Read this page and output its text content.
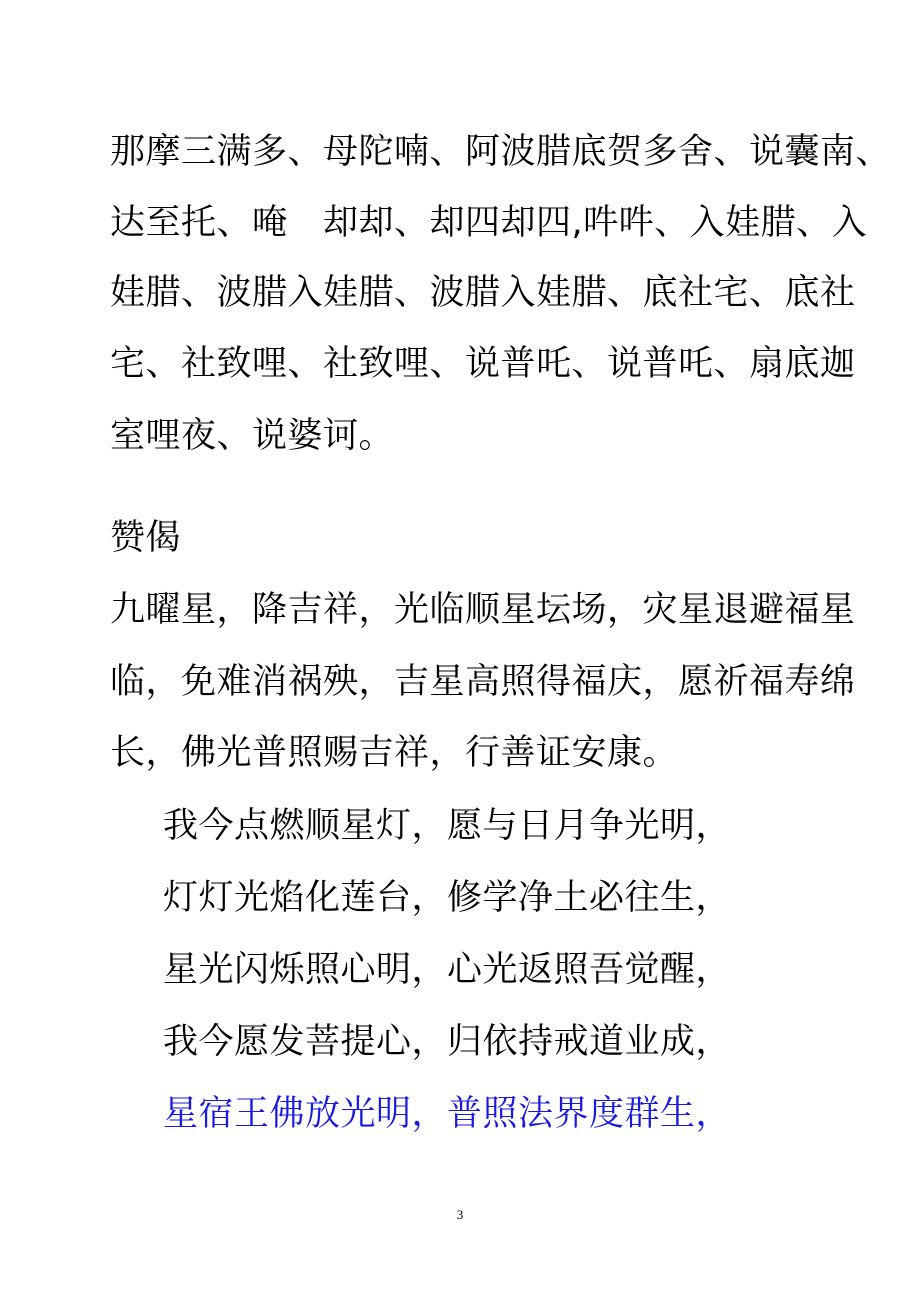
那摩三满多、母陀喃、阿波腊底贺多舍、说囊南、
达至托、唵　却却、却四却四,吽吽、入娃腊、入
娃腊、波腊入娃腊、波腊入娃腊、底社宅、底社
宅、社致哩、社致哩、说普吒、说普吒、扇底迦
室哩夜、说婆诃。
赞偈
九曜星，降吉祥，光临顺星坛场，灾星退避福星
临，免难消祸殃，吉星高照得福庆，愿祈福寿绵
长，佛光普照赐吉祥，行善证安康。
我今点燃顺星灯，愿与日月争光明，
灯灯光焰化莲台，修学净土必往生，
星光闪烁照心明，心光返照吾觉醒，
我今愿发菩提心，归依持戒道业成，
星宿王佛放光明，普照法界度群生，
3
